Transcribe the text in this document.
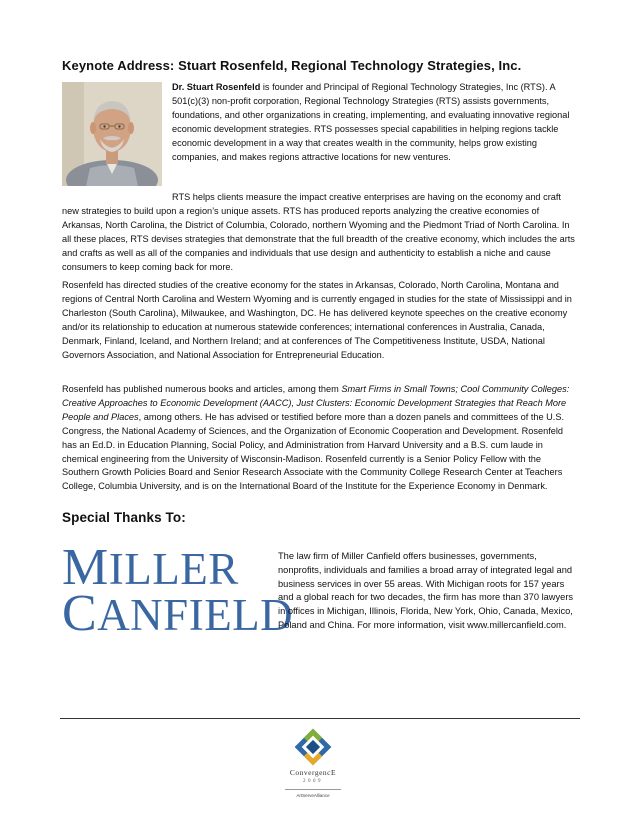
Keynote Address: Stuart Rosenfeld, Regional Technology Strategies, Inc.

Dr. Stuart Rosenfeld is founder and Principal of Regional Technology Strategies, Inc (RTS). A 501(c)(3) non-profit corporation, Regional Technology Strategies (RTS) assists governments, foundations, and other organizations in creating, implementing, and evaluating innovative regional economic development strategies. RTS possesses special capabilities in helping regions tackle economic development in a way that creates wealth in the community, helps grow existing companies, and makes regions attractive locations for new ventures.

RTS helps clients measure the impact creative enterprises are having on the economy and craft new strategies to build upon a region’s unique assets. RTS has produced reports analyzing the creative economies of Arkansas, North Carolina, the District of Columbia, Colorado, northern Wyoming and the Piedmont Triad of North Carolina. In all these places, RTS devises strategies that demonstrate that the full breadth of the creative economy, which includes the arts and crafts as well as all of the companies and individuals that use design and authenticity to establish a niche and cause consumers to keep coming back for more.

Rosenfeld has directed studies of the creative economy for the states in Arkansas, Colorado, North Carolina, Montana and regions of Central North Carolina and Western Wyoming and is currently engaged in studies for the state of Mississippi and in Charleston (South Carolina), Milwaukee, and Washington, DC. He has delivered keynote speeches on the creative economy and/or its relationship to education at numerous statewide conferences; international conferences in Australia, Canada, Denmark, Finland, Iceland, and Northern Ireland; and at conferences of The Competitiveness Institute, USDA, National Governors Association, and National Association for Entrepreneurial Education.

Rosenfeld has published numerous books and articles, among them Smart Firms in Small Towns; Cool Community Colleges: Creative Approaches to Economic Development (AACC), Just Clusters: Economic Development Strategies that Reach More People and Places, among others. He has advised or testified before more than a dozen panels and committees of the U.S. Congress, the National Academy of Sciences, and the Organization of Economic Cooperation and Development. Rosenfeld has an Ed.D. in Education Planning, Social Policy, and Administration from Harvard University and a B.S. cum laude in chemical engineering from the University of Wisconsin-Madison. Rosenfeld currently is a Senior Policy Fellow with the Southern Growth Policies Board and Senior Research Associate with the Community College Research Center at Teachers College, Columbia University, and is on the International Board of the Institute for the Experience Economy in Denmark.

Special Thanks To:
MILLER
CANFIELD

The law firm of Miller Canfield offers businesses, governments, nonprofits, individuals and families a broad array of integrated legal and business services in over 55 areas. With Michigan roots for 157 years and a global reach for two decades, the firm has more than 370 lawyers in offices in Michigan, Illinois, Florida, New York, Ohio, Canada, Mexico, Poland and China. For more information, visit www.millercanfield.com.

ConvergencE
2009
ArtServeAlliance
